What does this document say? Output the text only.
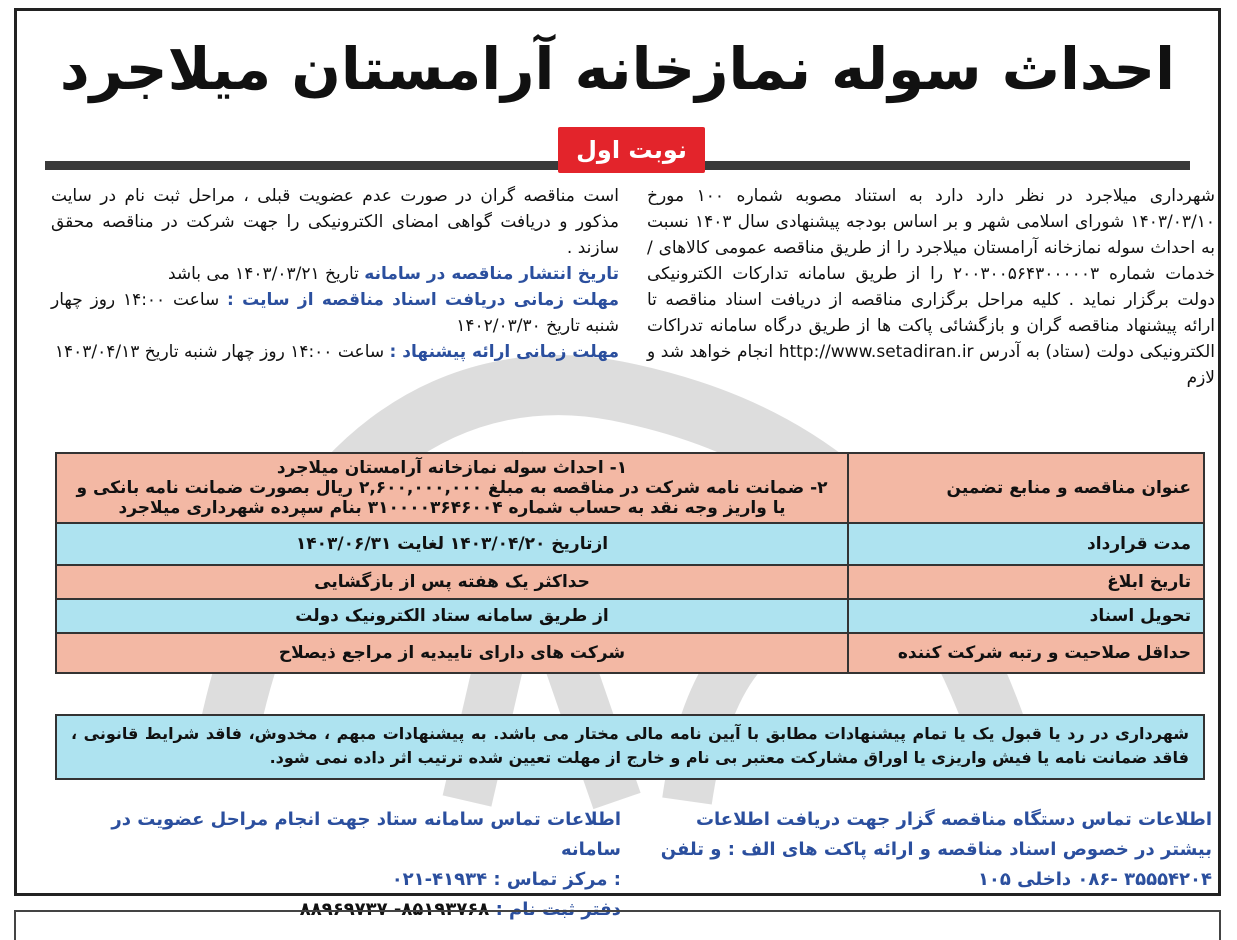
احداث سوله نمازخانه آرامستان میلاجرد
نوبت اول

شهرداری میلاجرد در نظر دارد دارد به استناد مصوبه شماره ۱۰۰ مورخ ۱۴۰۳/۰۳/۱۰ شورای اسلامی شهر و بر اساس بودجه پیشنهادی سال ۱۴۰۳ نسبت به احداث سوله نمازخانه آرامستان میلاجرد را از طریق مناقصه عمومی کالاهای / خدمات شماره ۲۰۰۳۰۰۵۶۴۳۰۰۰۰۰۳ را از طریق سامانه تدارکات الکترونیکی دولت برگزار نماید . کلیه مراحل برگزاری مناقصه از دریافت اسناد مناقصه تا ارائه پیشنهاد مناقصه گران و بازگشائی پاکت ها از طریق درگاه سامانه تدراکات الکترونیکی دولت (ستاد) به آدرس http://www.setadiran.ir انجام خواهد شد و لازم

است مناقصه گران در صورت عدم عضویت قبلی ، مراحل ثبت نام در سایت مذکور و دریافت گواهی امضای الکترونیکی را جهت شرکت در مناقصه محقق سازند .

تاریخ انتشار مناقصه در سامانه تاریخ ۱۴۰۳/۰۳/۲۱ می باشد

مهلت زمانی دریافت اسناد مناقصه از سایت : ساعت ۱۴:۰۰ روز چهار شنبه تاریخ ۱۴۰۲/۰۳/۳۰

مهلت زمانی ارائه پیشنهاد : ساعت ۱۴:۰۰ روز چهار شنبه تاریخ ۱۴۰۳/۰۴/۱۳

عنوان مناقصه و منابع تضمین	۱- احداث سوله نمازخانه آرامستان میلاجرد
۲- ضمانت نامه شرکت در مناقصه به مبلغ ۲,۶۰۰,۰۰۰,۰۰۰ ریال بصورت ضمانت نامه بانکی و
یا واریز وجه نقد به حساب شماره ۳۱۰۰۰۰۳۶۴۶۰۰۴ بنام سپرده شهرداری میلاجرد

مدت قرارداد	ازتاریخ ۱۴۰۳/۰۴/۲۰ لغایت ۱۴۰۳/۰۶/۳۱
تاریخ ابلاغ	حداکثر یک هفته پس از بازگشایی
تحویل اسناد	از طریق سامانه ستاد الکترونیک دولت
حداقل صلاحیت و رتبه شرکت کننده	شرکت های دارای تاییدیه از مراجع ذیصلاح
شهرداری در رد یا قبول یک یا تمام پیشنهادات مطابق با آیین نامه مالی مختار می باشد. به پیشنهادات مبهم ، مخدوش، فاقد شرایط قانونی ، فاقد ضمانت نامه یا فیش واریزی یا اوراق مشارکت معتبر بی نام و خارج از مهلت تعیین شده ترتیب اثر داده نمی شود.
اطلاعات تماس دستگاه مناقصه گزار جهت دریافت اطلاعات
بیشتر در خصوص اسناد مناقصه و ارائه پاکت های الف : و تلفن
۳۵۵۵۴۲۰۴ -۰۸۶ داخلی ۱۰۵
اطلاعات تماس سامانه ستاد جهت انجام مراحل عضویت در سامانه
: مرکز تماس : ۴۱۹۳۴-۰۲۱
دفتر ثبت نام : ۸۵۱۹۳۷۶۸- ۸۸۹۶۹۷۳۷
